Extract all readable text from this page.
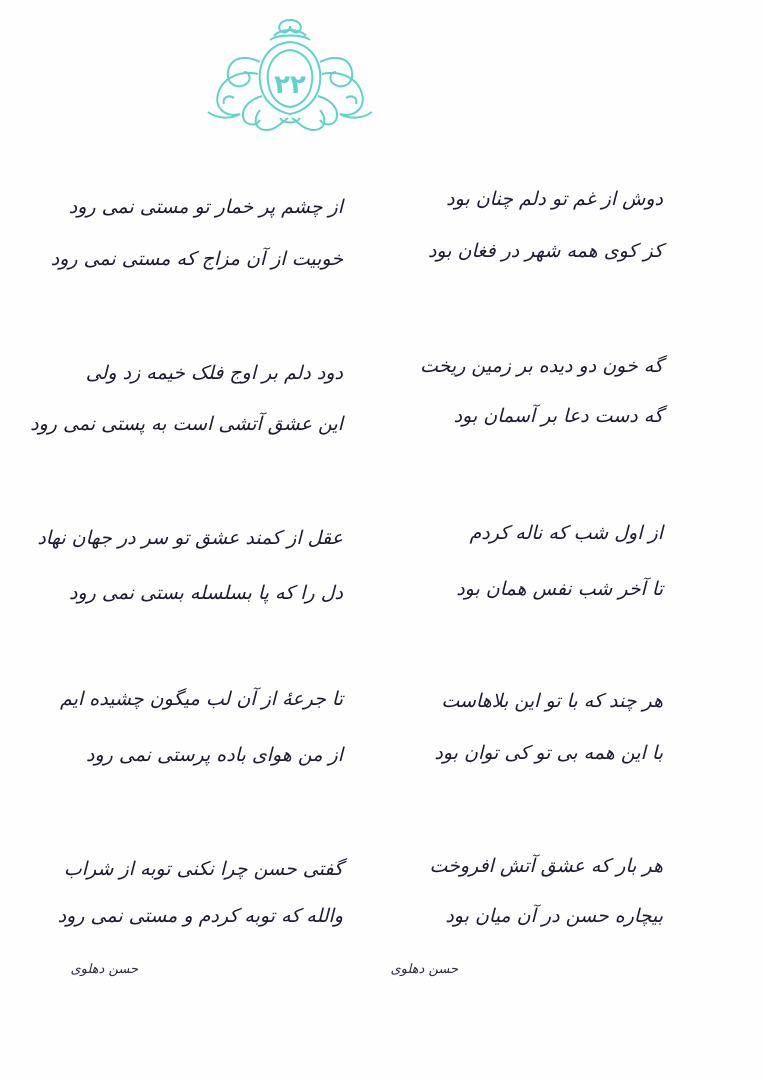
۲۲
دوش از غم تو دلم چنان بود
کز کوی همه شهر در فغان بود
از چشم پر خمار تو مستی نمی رود
خوبیت از آن مزاج که مستی نمی رود
گه خون دو دیده بر زمین ریخت
گه دست دعا بر آسمان بود
دود دلم بر اوج فلک خیمه زد ولی
این عشق آتشی است به پستی نمی رود
از اول شب که ناله کردم
تا آخر شب نفس همان بود
عقل از کمند عشق تو سر در جهان نهاد
دل را که پا بسلسله بستی نمی رود
هر چند که با تو این بلاهاست
با این همه بی تو کی توان بود
تا جرعهٔ از آن لب میگون چشیده ایم
از من هوای باده پرستی نمی رود
هر بار که عشق آتش افروخت
بیچاره حسن در آن میان بود
گفتی حسن چرا نکنی توبه از شراب
والله که توبه کردم و مستی نمی رود
حسن دهلوی
حسن دهلوی
